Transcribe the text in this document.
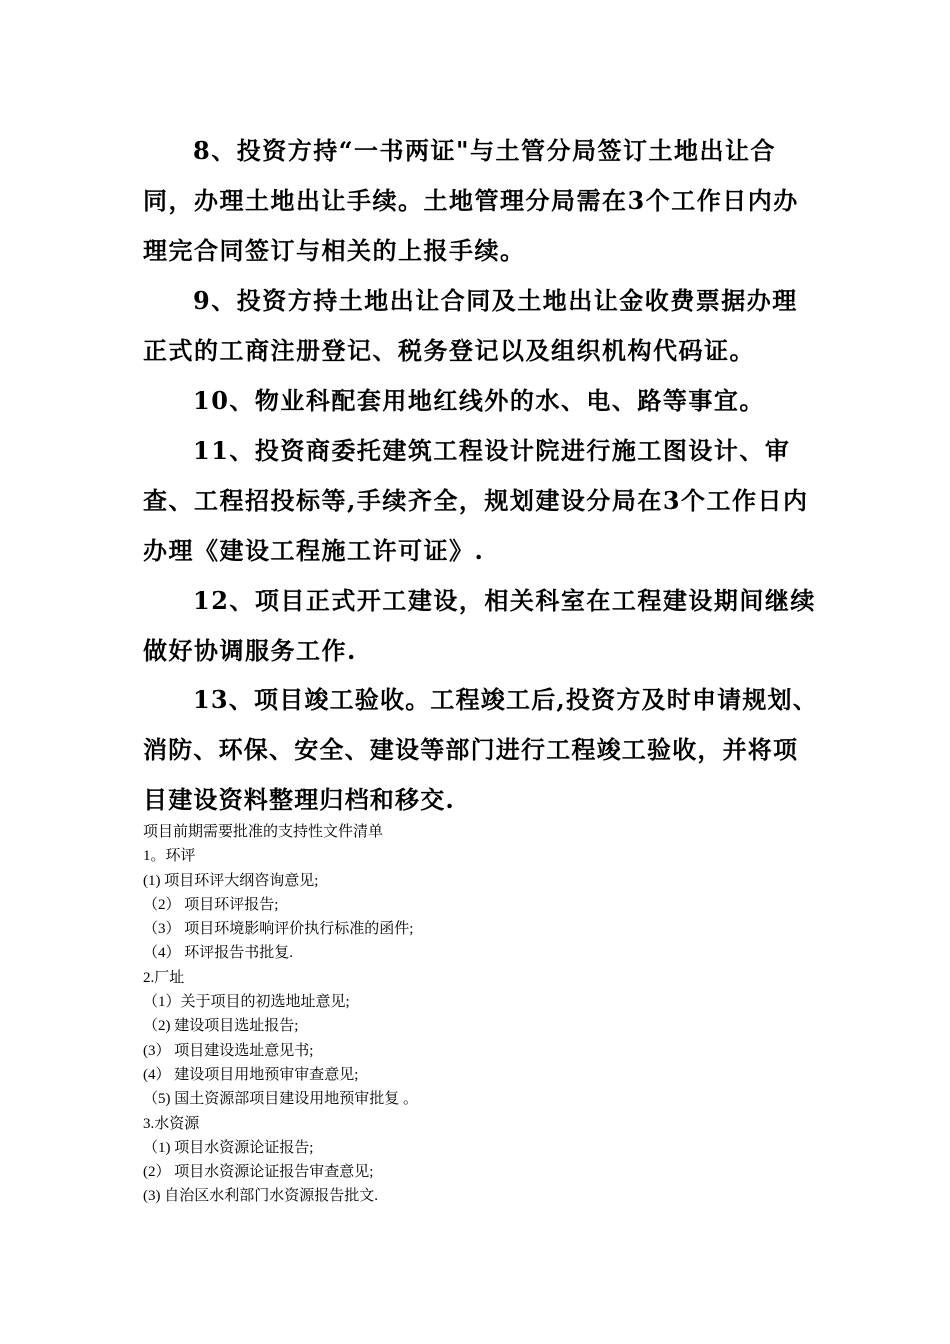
8、投资方持“一书两证"与土管分局签订土地出让合同，办理土地出让手续。土地管理分局需在3个工作日内办理完合同签订与相关的上报手续。
9、投资方持土地出让合同及土地出让金收费票据办理正式的工商注册登记、税务登记以及组织机构代码证。
10、物业科配套用地红线外的水、电、路等事宜。
11、投资商委托建筑工程设计院进行施工图设计、审查、工程招投标等,手续齐全，规划建设分局在3个工作日内办理《建设工程施工许可证》.
12、项目正式开工建设，相关科室在工程建设期间继续做好协调服务工作.
13、项目竣工验收。工程竣工后,投资方及时申请规划、消防、环保、安全、建设等部门进行工程竣工验收，并将项目建设资料整理归档和移交.
项目前期需要批准的支持性文件清单
1。环评
(1) 项目环评大纲咨询意见;
（2） 项目环评报告;
（3） 项目环境影响评价执行标准的函件;
（4） 环评报告书批复.
2.厂址
（1）关于项目的初选地址意见;
（2) 建设项目选址报告;
(3） 项目建设选址意见书;
(4） 建设项目用地预审审查意见;
（5) 国土资源部项目建设用地预审批复 。
3.水资源
（1) 项目水资源论证报告;
(2） 项目水资源论证报告审查意见;
(3) 自治区水利部门水资源报告批文.
